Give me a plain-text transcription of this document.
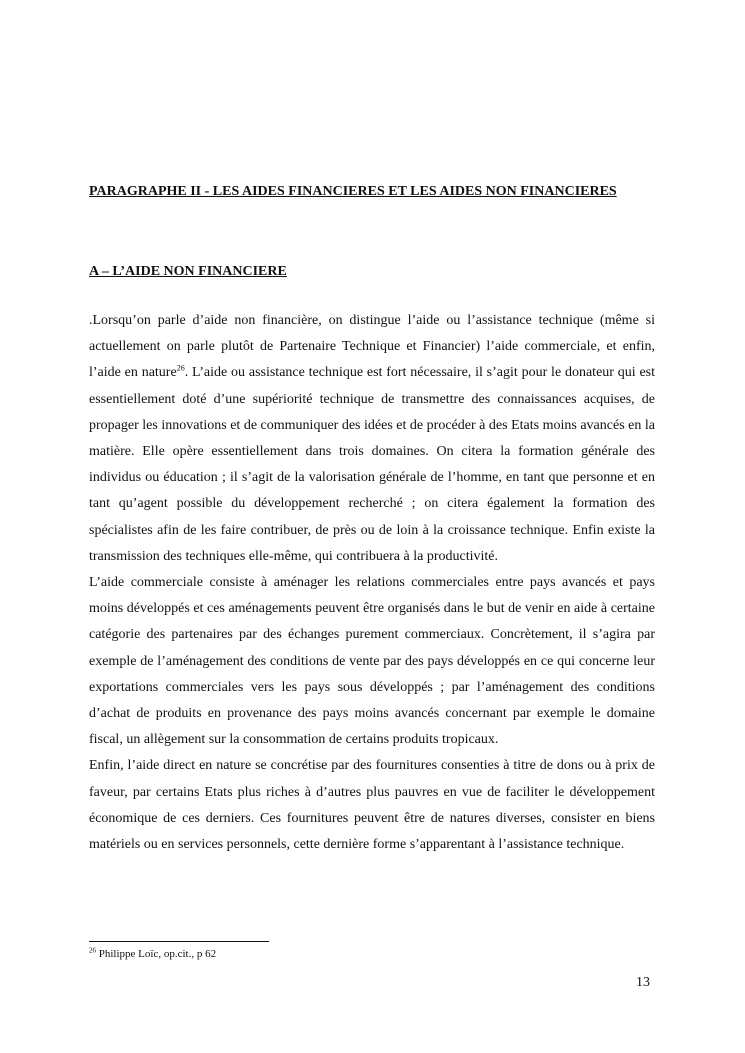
PARAGRAPHE II - LES AIDES FINANCIERES ET LES AIDES NON FINANCIERES
A – L’AIDE NON FINANCIERE

.Lorsqu’on parle d’aide non financière, on distingue l’aide ou l’assistance technique (même si actuellement on parle plutôt de Partenaire Technique et Financier) l’aide commerciale, et enfin, l’aide en nature$^{26}$. L’aide ou assistance technique est fort nécessaire, il s’agit pour le donateur qui est essentiellement doté d’une supériorité technique de transmettre des connaissances acquises, de propager les innovations et de communiquer des idées et de procéder à des Etats moins avancés en la matière. Elle opère essentiellement dans trois domaines. On citera la formation générale des individus ou éducation ; il s’agit de la valorisation générale de l’homme, en tant que personne et en tant qu’agent possible du développement recherché ; on citera également la formation des spécialistes afin de les faire contribuer, de près ou de loin à la croissance technique. Enfin existe la transmission des techniques elle-même, qui contribuera à la productivité.

L’aide commerciale consiste à aménager les relations commerciales entre pays avancés et pays moins développés et ces aménagements peuvent être organisés dans le but de venir en aide à certaine catégorie des partenaires par des échanges purement commerciaux. Concrètement, il s’agira par exemple de l’aménagement des conditions de vente par des pays développés en ce qui concerne leur exportations commerciales vers les pays sous développés ; par l’aménagement des conditions d’achat de produits en provenance des pays moins avancés concernant par exemple le domaine fiscal, un allègement sur la consommation de certains produits tropicaux.

Enfin, l’aide direct en nature se concrétise par des fournitures consenties à titre de dons ou à prix de faveur, par certains Etats plus riches à d’autres plus pauvres en vue de faciliter le développement économique de ces derniers. Ces fournitures peuvent être de natures diverses, consister en biens matériels ou en services personnels, cette dernière forme s’apparentant à l’assistance technique.

$^{26}$ Philippe Loïc, op.cit., p 62
13
